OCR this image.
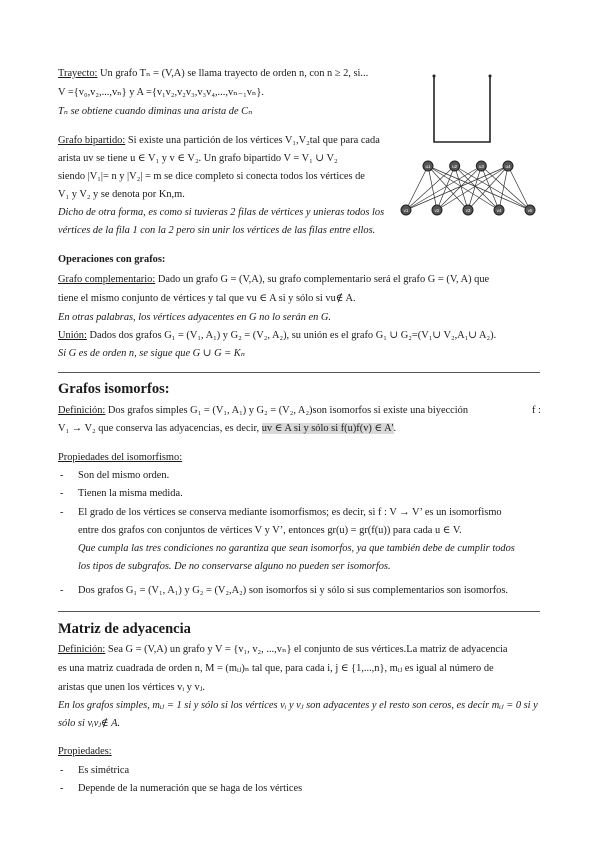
Trayecto: Un grafo Tₙ = (V,A) se llama trayecto de orden n, con n ≥ 2, si...
V ={v₀,v₂,...,vₙ} y A ={v₁v₂,v₂v₃,v₃v₄,...,vₙ₋₁vₙ}.
Tₙ se obtiene cuando diminas una arista de Cₙ
Grafo bipartido: Si existe una partición de los vértices V₁,V₂tal que para cada
arista uv se tiene u ∈ V₁ y v ∈ V₂. Un grafo bipartido V = V₁ ∪ V₂
siendo |V₁|= n y |V₂| = m se dice completo si conecta todos los vértices de
V₁ y V₂ y se denota por Kn,m.
Dicho de otra forma, es como si tuvieras 2 filas de vértices y unieras todos los
vértices de la fila 1 con la 2 pero sin unir los vértices de las filas entre ellos.
u1	u2	u3	u4
v1	v2	v3	v4	v5
Operaciones con grafos:
Grafo complementario: Dado un grafo G = (V,A), su grafo complementario será el grafo G = (V, A) que
tiene el mismo conjunto de vértices y tal que vu ∈ A si y sólo si vu∉ A.
En otras palabras, los vértices adyacentes en G no lo serán en G.
Unión: Dados dos grafos G₁ = (V₁, A₁) y G₂ = (V₂, A₂), su unión es el grafo G₁ ∪ G₂=(V₁∪ V₂,A₁∪ A₂).
Si G es de orden n, se sigue que G ∪ G = Kₙ
Grafos isomorfos:
Definición: Dos grafos simples G₁ = (V₁, A₁) y G₂ = (V₂, A₂)son isomorfos si existe una biyección	f :
V₁ → V₂ que conserva las adyacencias, es decir, uv ∈ A si y sólo si f(u)f(v) ∈ A'.
Propiedades del isomorfismo:
- Son del mismo orden.
- Tienen la misma medida.
- El grado de los vértices se conserva mediante isomorfismos; es decir, si f : V → V’ es un isomorfismo
entre dos grafos con conjuntos de vértices V y V’, entonces gr(u) = gr(f(u)) para cada u ∈ V.
Que cumpla las tres condiciones no garantiza que sean isomorfos, ya que también debe de cumplir todos
los tipos de subgrafos. De no conservarse alguno no pueden ser isomorfos.
- Dos grafos G₁ = (V₁, A₁) y G₂ = (V₂,A₂) son isomorfos si y sólo si sus complementarios son isomorfos.
Matriz de adyacencia
Definición: Sea G = (V,A) un grafo y V = {v₁, v₂, ...,vₙ} el conjunto de sus vértices.La matriz de adyacencia
es una matriz cuadrada de orden n, M = (mᵢⱼ)ₙ tal que, para cada i, j ∈ {1,...,n}, mᵢⱼ es igual al número de
aristas que unen los vértices vᵢ y vⱼ.
En los grafos simples, mᵢⱼ = 1 si y sólo si los vértices vᵢ y vⱼ son adyacentes y el resto son ceros, es decir mᵢⱼ = 0 si y
sólo si vᵢvⱼ∉ A.
Propiedades:
- Es simétrica
- Depende de la numeración que se haga de los vértices
